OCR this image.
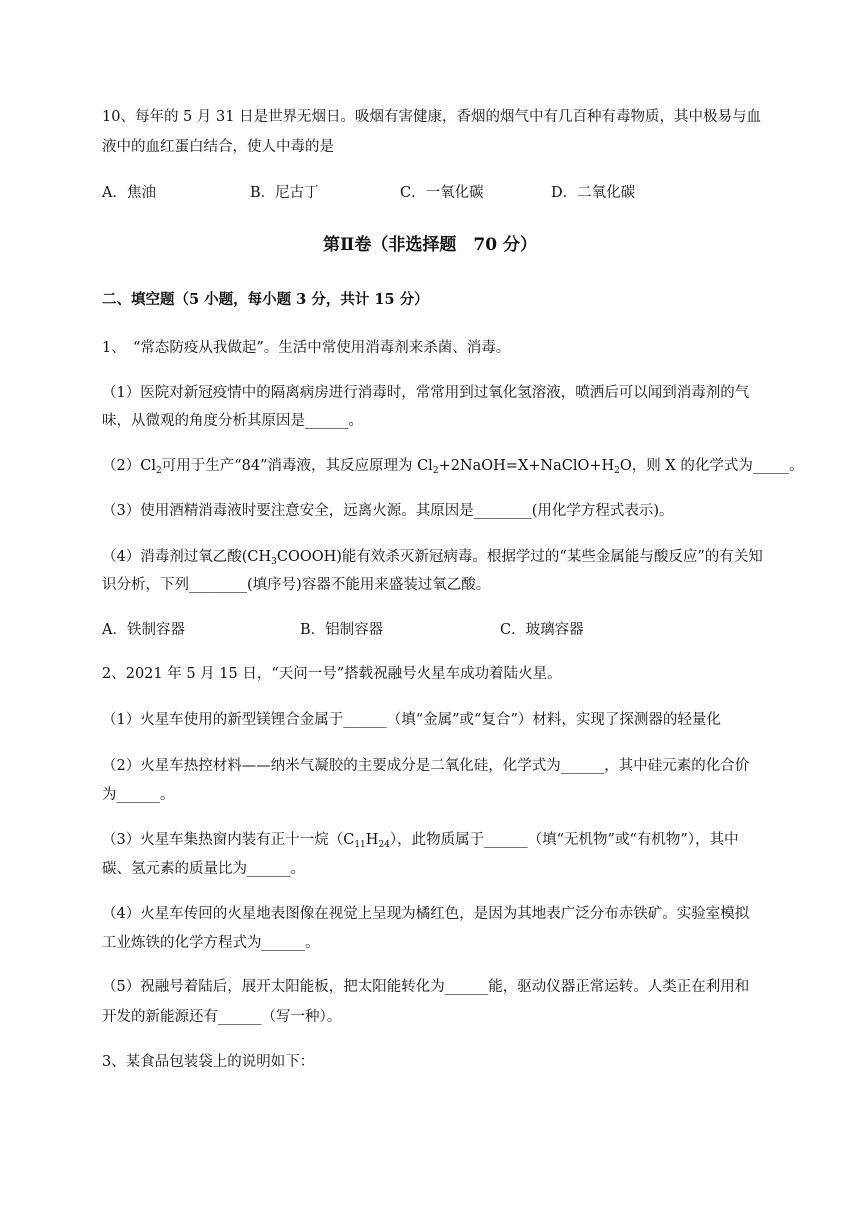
10、每年的 5 月 31 日是世界无烟日。吸烟有害健康，香烟的烟气中有几百种有毒物质，其中极易与血
液中的血红蛋白结合，使人中毒的是
A．焦油	B．尼古丁	C．一氧化碳	D．二氧化碳
第Ⅱ卷（非选择题　70 分）
二、填空题（5 小题，每小题 3 分，共计 15 分）
1、　“常态防疫从我做起”。生活中常使用消毒剂来杀菌、消毒。
（1）医院对新冠疫情中的隔离病房进行消毒时，常常用到过氧化氢溶液，喷洒后可以闻到消毒剂的气
味，从微观的角度分析其原因是______。
$(2)Cl_2$可用于生产“84”消毒液，其反应原理为 $Cl_2+2NaOH=X+NaClO+H_2O$，则 X 的化学式为_____。
（3）使用酒精消毒液时要注意安全，远离火源。其原因是________(用化学方程式表示)。
（4）消毒剂过氧乙酸$(CH_3COOOH)$能有效杀灭新冠病毒。根据学过的“某些金属能与酸反应”的有关知
识分析，下列________(填序号)容器不能用来盛装过氧乙酸。
A．铁制容器	B．铝制容器	C．玻璃容器
2、2021 年 5 月 15 日，“天问一号”搭载祝融号火星车成功着陆火星。
（1）火星车使用的新型镁锂合金属于______（填“金属”或“复合”）材料，实现了探测器的轻量化
（2）火星车热控材料——纳米气凝胶的主要成分是二氧化硅，化学式为______，其中硅元素的化合价
为______。
（3）火星车集热窗内装有正十一烷$(C_{11}H_{24})$，此物质属于______（填“无机物”或“有机物”），其中
碳、氢元素的质量比为______。
（4）火星车传回的火星地表图像在视觉上呈现为橘红色，是因为其地表广泛分布赤铁矿。实验室模拟
工业炼铁的化学方程式为______。
（5）祝融号着陆后，展开太阳能板，把太阳能转化为______能，驱动仪器正常运转。人类正在利用和
开发的新能源还有______（写一种）。
3、某食品包装袋上的说明如下：
